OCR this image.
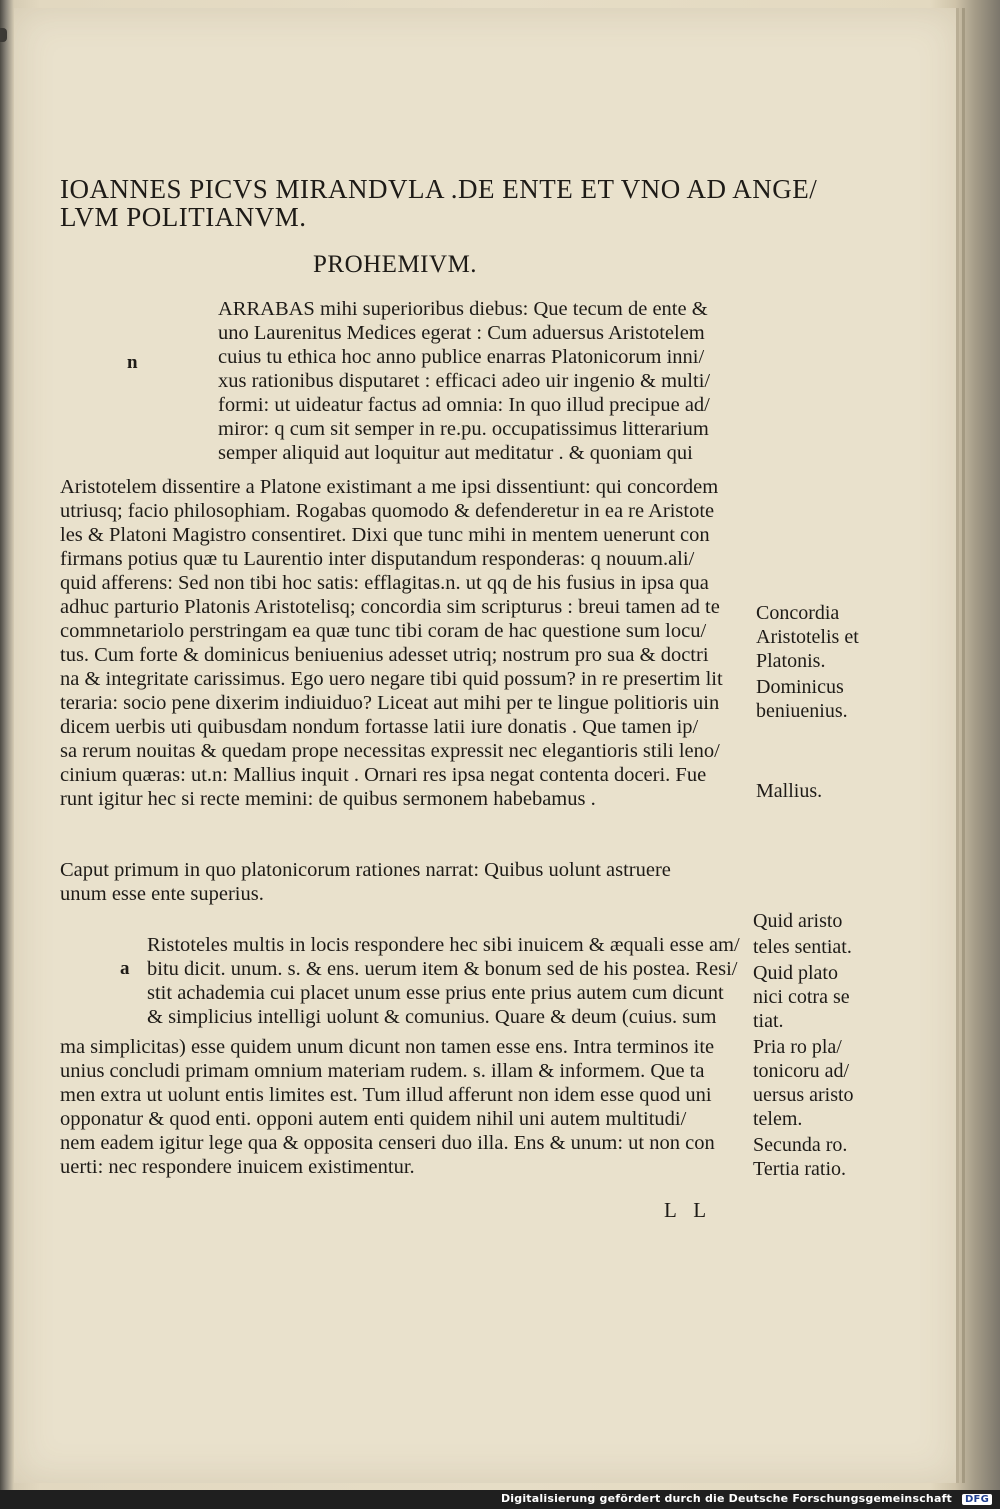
IOANNES PICVS MIRANDVLA .DE ENTE ET VNO AD ANGE/
LVM POLITIANVM.
PROHEMIVM.
n
ARRABAS mihi superioribus diebus: Que tecum de ente &
uno Laurenitus Medices egerat : Cum aduersus Aristotelem
cuius tu ethica hoc anno publice enarras Platonicorum inni/
xus rationibus disputaret : efficaci adeo uir ingenio & multi/
formi: ut uideatur factus ad omnia: In quo illud precipue ad/
miror: q cum sit semper in re.pu. occupatissimus litterarium
semper aliquid aut loquitur aut meditatur . & quoniam qui
Aristotelem dissentire a Platone existimant a me ipsi dissentiunt: qui concordem
utriusq; facio philosophiam. Rogabas quomodo & defenderetur in ea re Aristote
les & Platoni Magistro consentiret. Dixi que tunc mihi in mentem uenerunt con
firmans potius quæ tu Laurentio inter disputandum responderas: q nouum.ali/
quid afferens: Sed non tibi hoc satis: efflagitas.n. ut qq de his fusius in ipsa qua
adhuc parturio Platonis Aristotelisq; concordia sim scripturus : breui tamen ad te
commnetariolo perstringam ea quæ tunc tibi coram de hac questione sum locu/
tus. Cum forte & dominicus beniuenius adesset utriq; nostrum pro sua & doctri
na & integritate carissimus. Ego uero negare tibi quid possum? in re presertim lit
teraria: socio pene dixerim indiuiduo? Liceat aut mihi per te lingue politioris uin
dicem uerbis uti quibusdam nondum fortasse latii iure donatis . Que tamen ip/
sa rerum nouitas & quedam prope necessitas expressit nec elegantioris stili leno/
cinium quæras: ut.n: Mallius inquit . Ornari res ipsa negat contenta doceri. Fue
runt igitur hec si recte memini: de quibus sermonem habebamus .
Concordia
Aristotelis et
Platonis.
Dominicus
beniuenius.
Mallius.
Caput primum in quo platonicorum rationes narrat: Quibus uolunt astruere
unum esse ente superius.
a
Ristoteles multis in locis respondere hec sibi inuicem & æquali esse am/
bitu dicit. unum. s. & ens. uerum item & bonum sed de his postea. Resi/
stit achademia cui placet unum esse prius ente prius autem cum dicunt
& simplicius intelligi uolunt & comunius. Quare & deum (cuius. sum
ma simplicitas) esse quidem unum dicunt non tamen esse ens. Intra terminos ite
unius concludi primam omnium materiam rudem. s. illam & informem. Que ta
men extra ut uolunt entis limites est. Tum illud afferunt non idem esse quod uni
opponatur & quod enti. opponi autem enti quidem nihil uni autem multitudi/
nem eadem igitur lege qua & opposita censeri duo illa. Ens & unum: ut non con
uerti: nec respondere inuicem existimentur.
Quid aristo
teles sentiat.
Quid plato
nici cotra se
tiat.
Pria ro pla/
tonicoru ad/
uersus aristo
telem.
Secunda ro.
Tertia ratio.
L L
Digitalisierung gefördert durch die Deutsche Forschungsgemeinschaft DFG
